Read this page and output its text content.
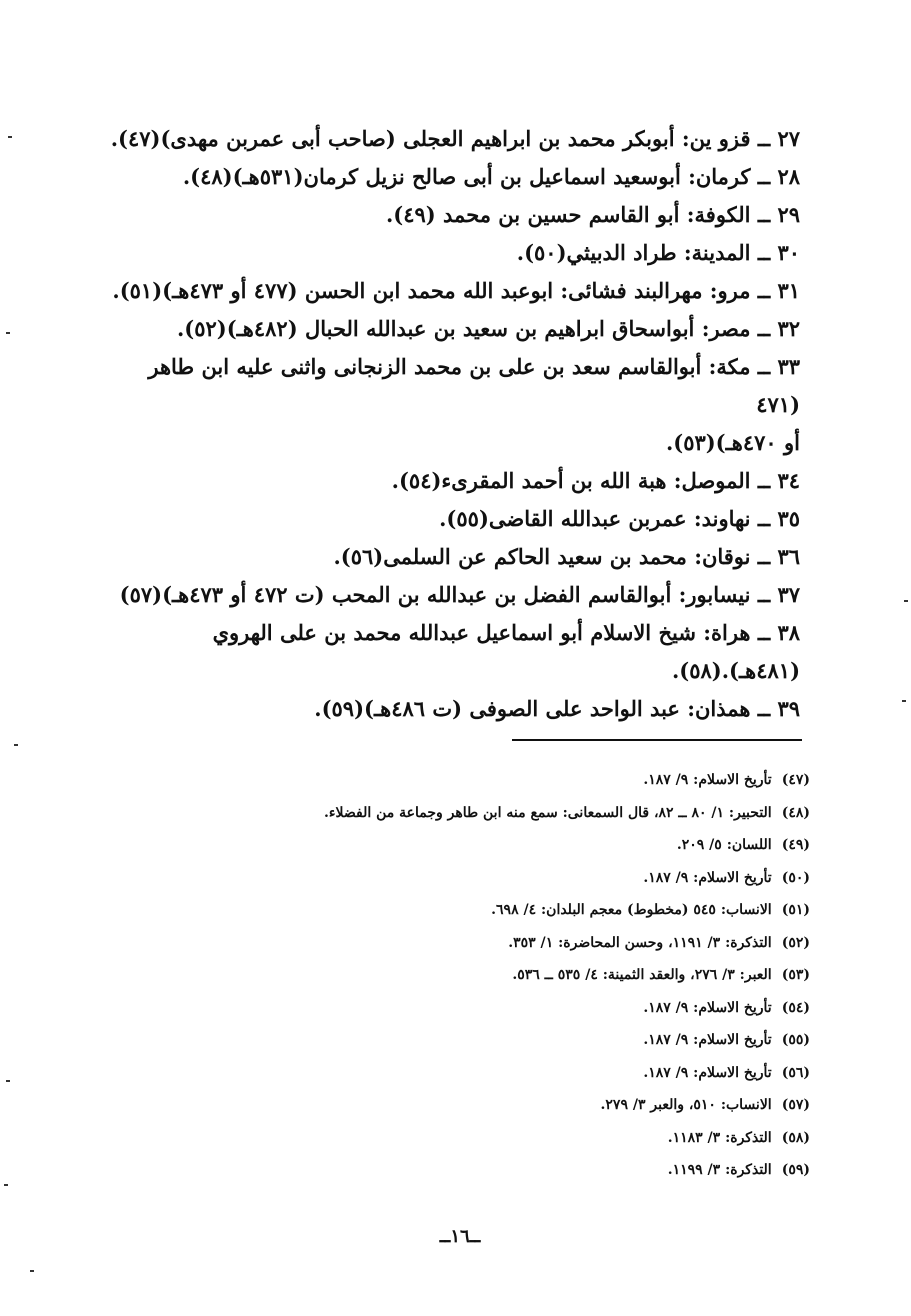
٢٧ ــ قزو ين: أبوبكر محمد بن ابراهيم العجلى (صاحب أبى عمربن مهدى)(٤٧).
٢٨ ــ كرمان: أبوسعيد اسماعيل بن أبى صالح نزيل كرمان(٥٣١هـ)(٤٨).
٢٩ ــ الكوفة: أبو القاسم حسين بن محمد (٤٩).
٣٠ ــ المدينة: طراد الدبيثي(٥٠).
٣١ ــ مرو: مهرالبند فشائى: ابوعبد الله محمد ابن الحسن (٤٧٧ أو ٤٧٣هـ)(٥١).
٣٢ ــ مصر: أبواسحاق ابراهيم بن سعيد بن عبدالله الحبال (٤٨٢هـ)(٥٢).
٣٣ ــ مكة: أبوالقاسم سعد بن على بن محمد الزنجانى واثنى عليه ابن طاهر (٤٧١
أو ٤٧٠هـ)(٥٣).
٣٤ ــ الموصل: هبة الله بن أحمد المقرىء(٥٤).
٣٥ ــ نهاوند: عمربن عبدالله القاضى(٥٥).
٣٦ ــ نوقان: محمد بن سعيد الحاكم عن السلمى(٥٦).
٣٧ ــ نيسابور: أبوالقاسم الفضل بن عبدالله بن المحب (ت ٤٧٢ أو ٤٧٣هـ)(٥٧)
٣٨ ــ هراة: شيخ الاسلام أبو اسماعيل عبدالله محمد بن على الهروي
(٤٨١هـ).(٥٨).
٣٩ ــ همذان: عبد الواحد على الصوفى (ت ٤٨٦هـ)(٥٩).
(٤٧)تأريخ الاسلام: ٩/ ١٨٧.
(٤٨)التحبير: ١/ ٨٠ ــ ٨٢، قال السمعانى: سمع منه ابن طاهر وجماعة من الفضلاء.
(٤٩)اللسان: ٥/ ٢٠٩.
(٥٠)تأريخ الاسلام: ٩/ ١٨٧.
(٥١)الانساب: ٥٤٥ (مخطوط) معجم البلدان: ٤/ ٦٩٨.
(٥٢)التذكرة: ٣/ ١١٩١، وحسن المحاضرة: ١/ ٣٥٣.
(٥٣)العبر: ٣/ ٢٧٦، والعقد الثمينة: ٤/ ٥٣٥ ــ ٥٣٦.
(٥٤)تأريخ الاسلام: ٩/ ١٨٧.
(٥٥)تأريخ الاسلام: ٩/ ١٨٧.
(٥٦)تأريخ الاسلام: ٩/ ١٨٧.
(٥٧)الانساب: ٥١٠، والعبر ٣/ ٢٧٩.
(٥٨)التذكرة: ٣/ ١١٨٣.
(٥٩)التذكرة: ٣/ ١١٩٩.
ــ١٦ــ
